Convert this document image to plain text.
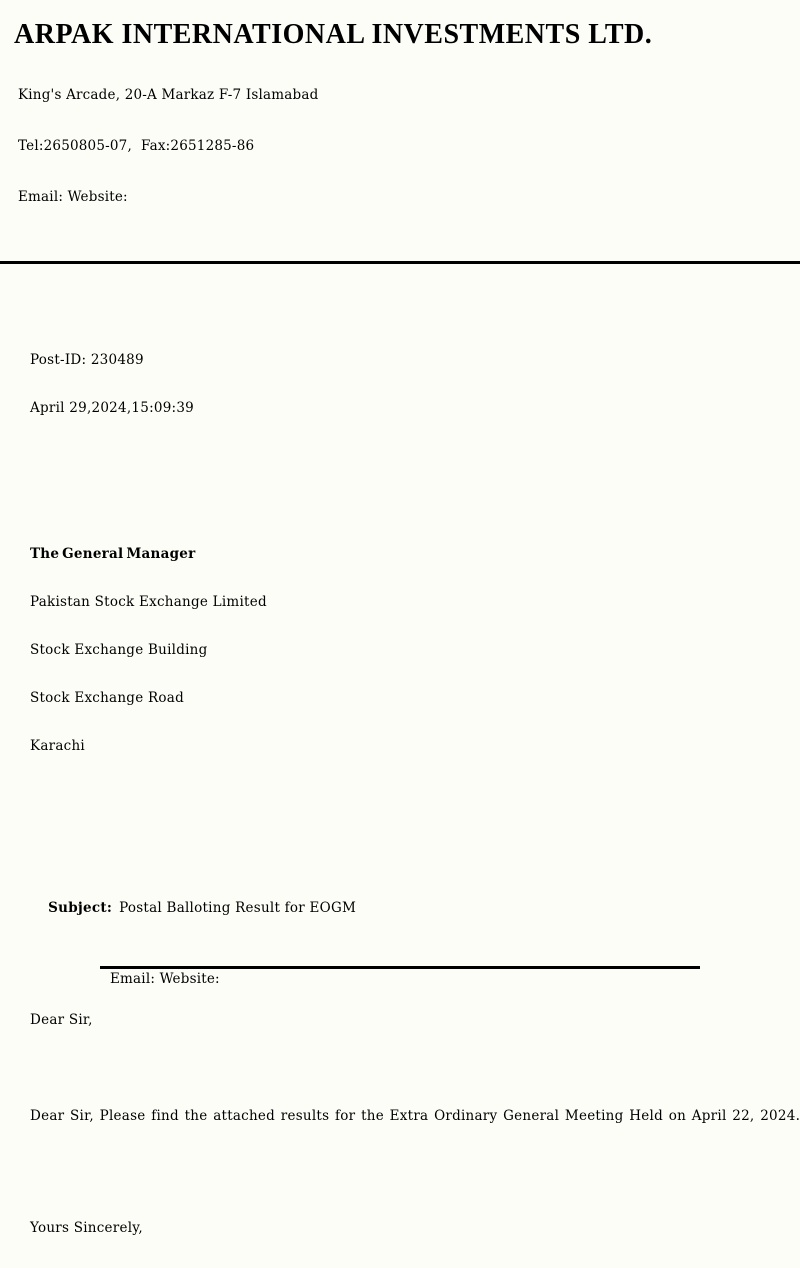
ARPAK INTERNATIONAL INVESTMENTS LTD.

King's Arcade, 20-A Markaz F-7 Islamabad

Tel:2650805-07,  Fax:2651285-86

Email: Website:

Post-ID: 230489

April 29,2024,15:09:39

The General Manager

Pakistan Stock Exchange Limited

Stock Exchange Building

Stock Exchange Road

Karachi

Subject: Postal Balloting Result for EOGM

Dear Sir,

Dear Sir, Please find the attached results for the Extra Ordinary General Meeting Held on April 22, 2024.

Yours Sincerely,

Email: Website:
